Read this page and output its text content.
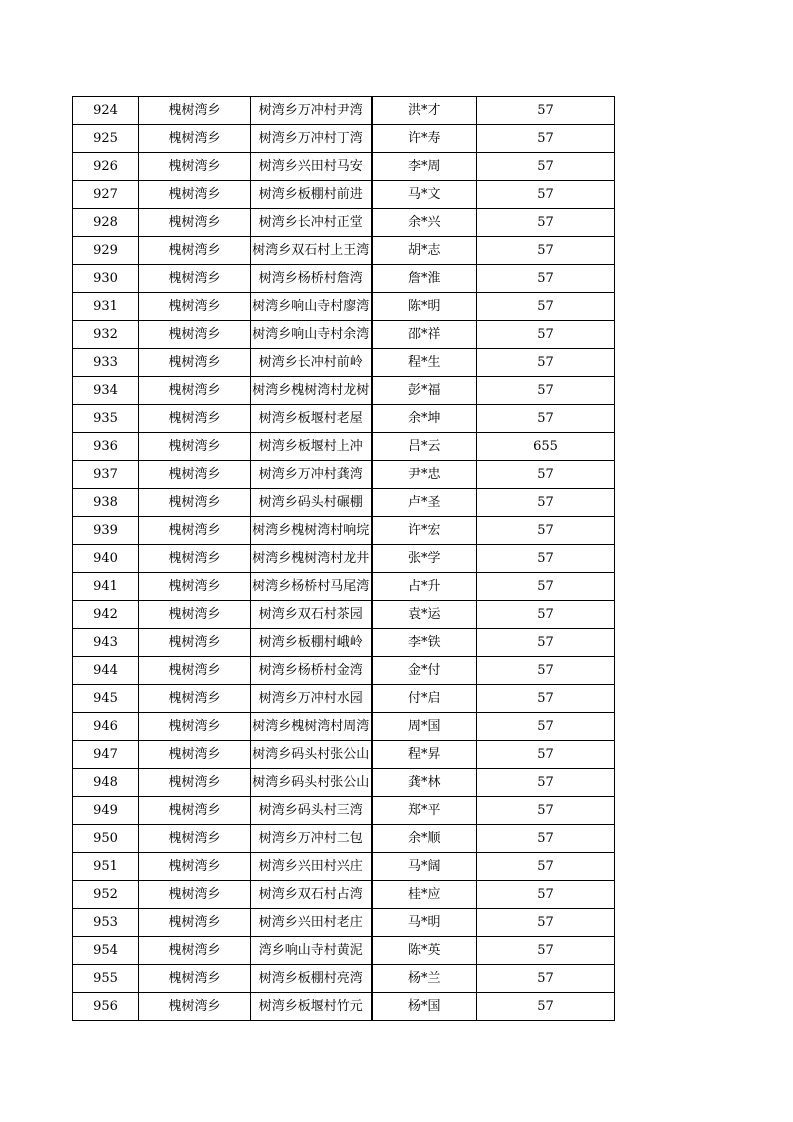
924	槐树湾乡	树湾乡万冲村尹湾	洪*才	57
925	槐树湾乡	树湾乡万冲村丁湾	许*寿	57
926	槐树湾乡	树湾乡兴田村马安	李*周	57
927	槐树湾乡	树湾乡板棚村前进	马*文	57
928	槐树湾乡	树湾乡长冲村正堂	余*兴	57
929	槐树湾乡	树湾乡双石村上王湾	胡*志	57
930	槐树湾乡	树湾乡杨桥村詹湾	詹*淮	57
931	槐树湾乡	树湾乡响山寺村廖湾	陈*明	57
932	槐树湾乡	树湾乡响山寺村余湾	邵*祥	57
933	槐树湾乡	树湾乡长冲村前岭	程*生	57
934	槐树湾乡	树湾乡槐树湾村龙树	彭*福	57
935	槐树湾乡	树湾乡板堰村老屋	余*坤	57
936	槐树湾乡	树湾乡板堰村上冲	吕*云	655
937	槐树湾乡	树湾乡万冲村龚湾	尹*忠	57
938	槐树湾乡	树湾乡码头村碾棚	卢*圣	57
939	槐树湾乡	树湾乡槐树湾村响垸	许*宏	57
940	槐树湾乡	树湾乡槐树湾村龙井	张*学	57
941	槐树湾乡	树湾乡杨桥村马尾湾	占*升	57
942	槐树湾乡	树湾乡双石村茶园	袁*运	57
943	槐树湾乡	树湾乡板棚村峨岭	李*铁	57
944	槐树湾乡	树湾乡杨桥村金湾	金*付	57
945	槐树湾乡	树湾乡万冲村水园	付*启	57
946	槐树湾乡	树湾乡槐树湾村周湾	周*国	57
947	槐树湾乡	树湾乡码头村张公山	程*昇	57
948	槐树湾乡	树湾乡码头村张公山	龚*林	57
949	槐树湾乡	树湾乡码头村三湾	郑*平	57
950	槐树湾乡	树湾乡万冲村二包	余*顺	57
951	槐树湾乡	树湾乡兴田村兴庄	马*阔	57
952	槐树湾乡	树湾乡双石村占湾	桂*应	57
953	槐树湾乡	树湾乡兴田村老庄	马*明	57
954	槐树湾乡	湾乡响山寺村黄泥	陈*英	57
955	槐树湾乡	树湾乡板棚村亮湾	杨*兰	57
956	槐树湾乡	树湾乡板堰村竹元	杨*国	57
